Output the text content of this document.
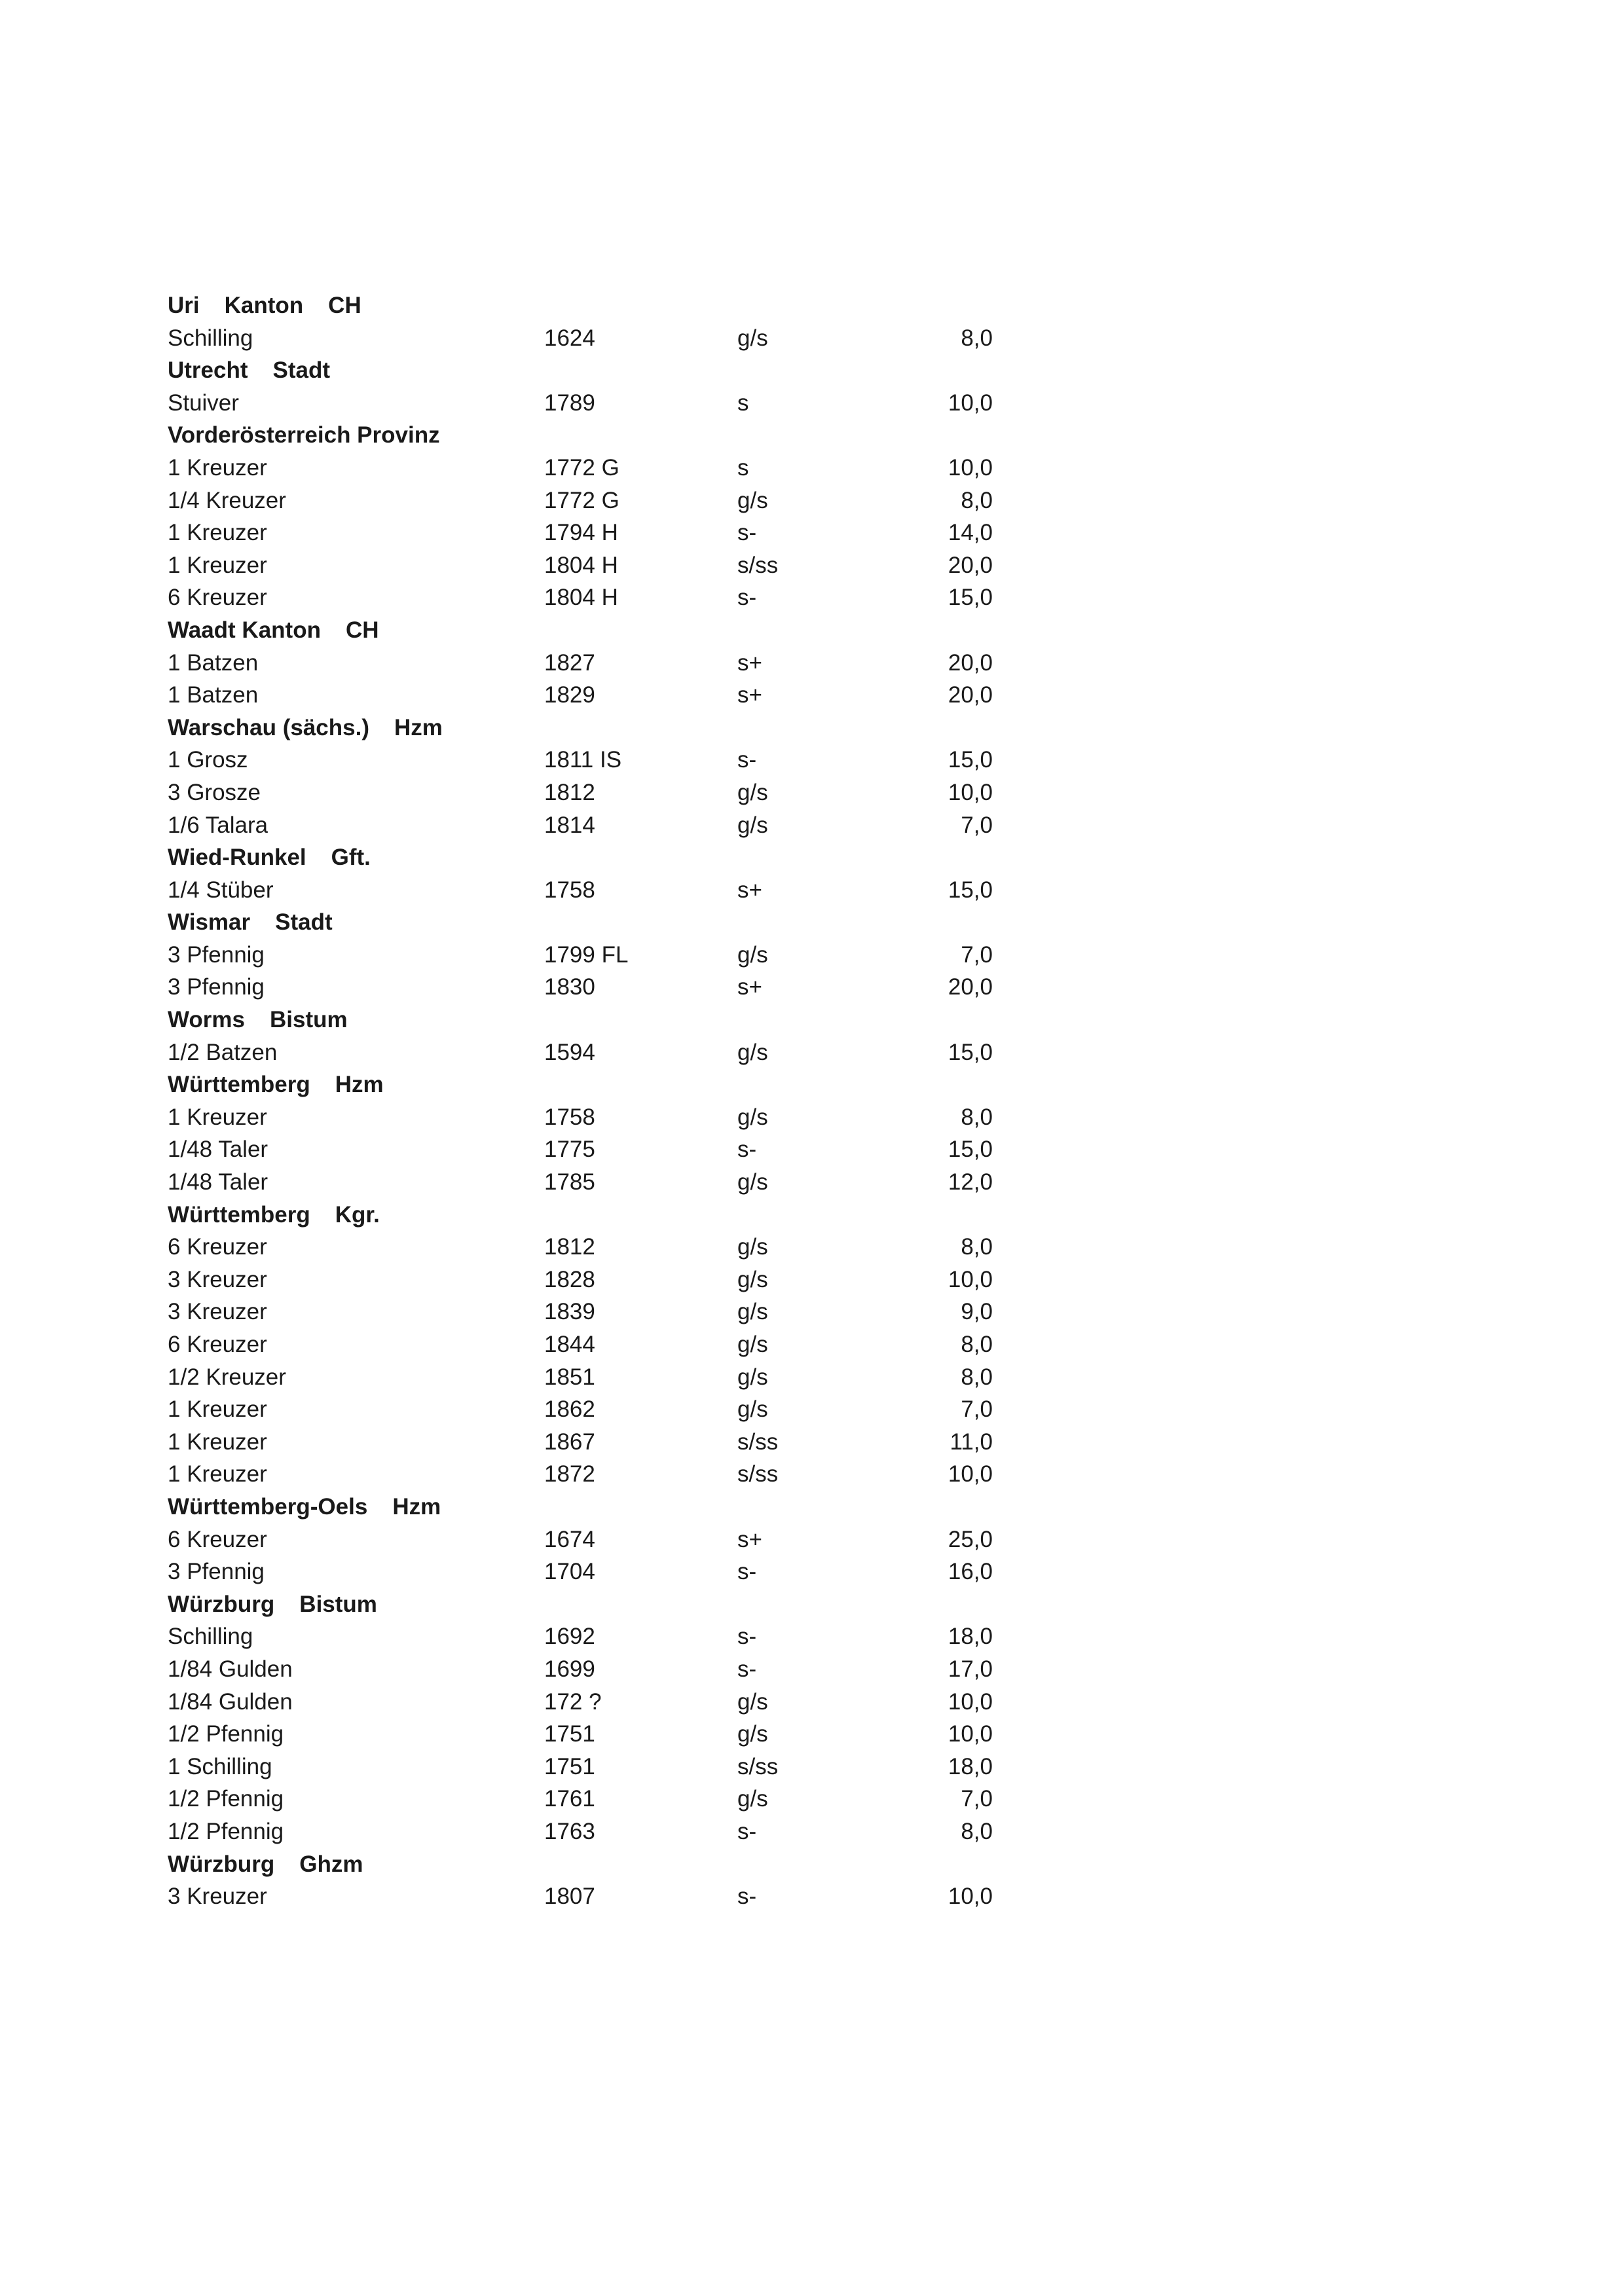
Uri Kanton CH
Schilling	1624	g/s	8,0
Utrecht Stadt
Stuiver	1789	s	10,0
Vorderösterreich Provinz
1 Kreuzer	1772 G	s	10,0
1/4 Kreuzer	1772 G	g/s	8,0
1 Kreuzer	1794 H	s-	14,0
1 Kreuzer	1804 H	s/ss	20,0
6 Kreuzer	1804 H	s-	15,0
Waadt Kanton CH
1 Batzen	1827	s+	20,0
1 Batzen	1829	s+	20,0
Warschau (sächs.) Hzm
1 Grosz	1811 IS	s-	15,0
3 Grosze	1812	g/s	10,0
1/6 Talara	1814	g/s	7,0
Wied-Runkel Gft.
1/4 Stüber	1758	s+	15,0
Wismar Stadt
3 Pfennig	1799 FL	g/s	7,0
3 Pfennig	1830	s+	20,0
Worms Bistum
1/2 Batzen	1594	g/s	15,0
Württemberg Hzm
1 Kreuzer	1758	g/s	8,0
1/48 Taler	1775	s-	15,0
1/48 Taler	1785	g/s	12,0
Württemberg Kgr.
6 Kreuzer	1812	g/s	8,0
3 Kreuzer	1828	g/s	10,0
3 Kreuzer	1839	g/s	9,0
6 Kreuzer	1844	g/s	8,0
1/2 Kreuzer	1851	g/s	8,0
1 Kreuzer	1862	g/s	7,0
1 Kreuzer	1867	s/ss	11,0
1 Kreuzer	1872	s/ss	10,0
Württemberg-Oels Hzm
6 Kreuzer	1674	s+	25,0
3 Pfennig	1704	s-	16,0
Würzburg Bistum
Schilling	1692	s-	18,0
1/84 Gulden	1699	s-	17,0
1/84 Gulden	172 ?	g/s	10,0
1/2 Pfennig	1751	g/s	10,0
1 Schilling	1751	s/ss	18,0
1/2 Pfennig	1761	g/s	7,0
1/2 Pfennig	1763	s-	8,0
Würzburg Ghzm
3 Kreuzer	1807	s-	10,0
